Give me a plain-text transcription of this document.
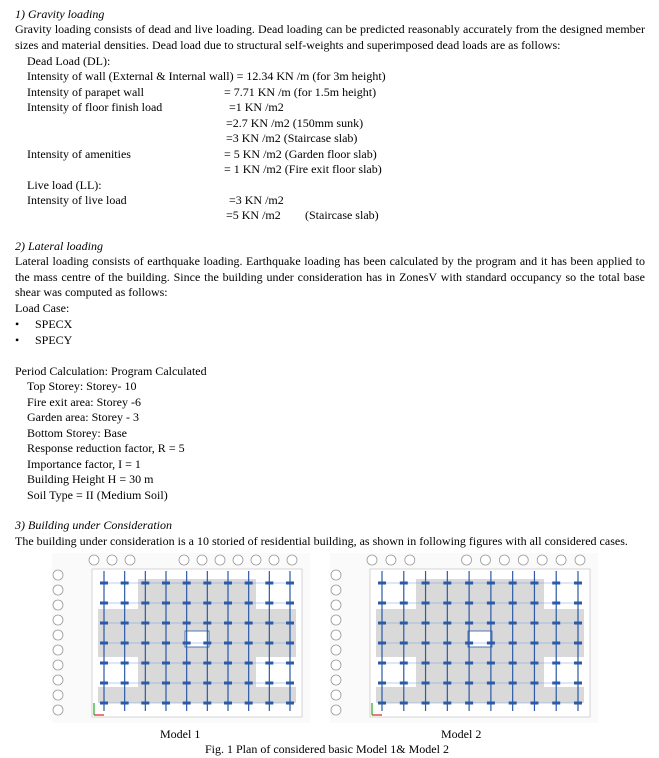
1) Gravity loading
Gravity loading consists of dead and live loading. Dead loading can be predicted reasonably accurately from the designed member sizes and material densities. Dead load due to structural self-weights and superimposed dead loads are as follows:
Dead Load (DL):
Intensity of wall (External & Internal wall) = 12.34 KN /m (for 3m height)
Intensity of parapet wall	= 7.71 KN /m (for 1.5m height)
Intensity of floor finish load	=1 KN /m2
=2.7 KN /m2 (150mm sunk)
=3 KN /m2 (Staircase slab)
Intensity of amenities	= 5 KN /m2 (Garden floor slab)
= 1 KN /m2 (Fire exit floor slab)
Live load (LL):
Intensity of live load	=3 KN /m2
=5 KN /m2 (Staircase slab)
2) Lateral loading
Lateral loading consists of earthquake loading. Earthquake loading has been calculated by the program and it has been applied to the mass centre of the building. Since the building under consideration has in ZonesV with standard occupancy so the total base shear was computed as follows:
Load Case:
• SPECX
• SPECY
Period Calculation: Program Calculated
Top Storey: Storey- 10
Fire exit area: Storey -6
Garden area: Storey - 3
Bottom Storey: Base
Response reduction factor, R = 5
Importance factor, I = 1
Building Height H = 30 m
Soil Type = II (Medium Soil)
3) Building under Consideration
The building under consideration is a 10 storied of residential building, as shown in following figures with all considered cases.
Model 1	Model 2
Fig. 1 Plan of considered basic Model 1& Model 2
